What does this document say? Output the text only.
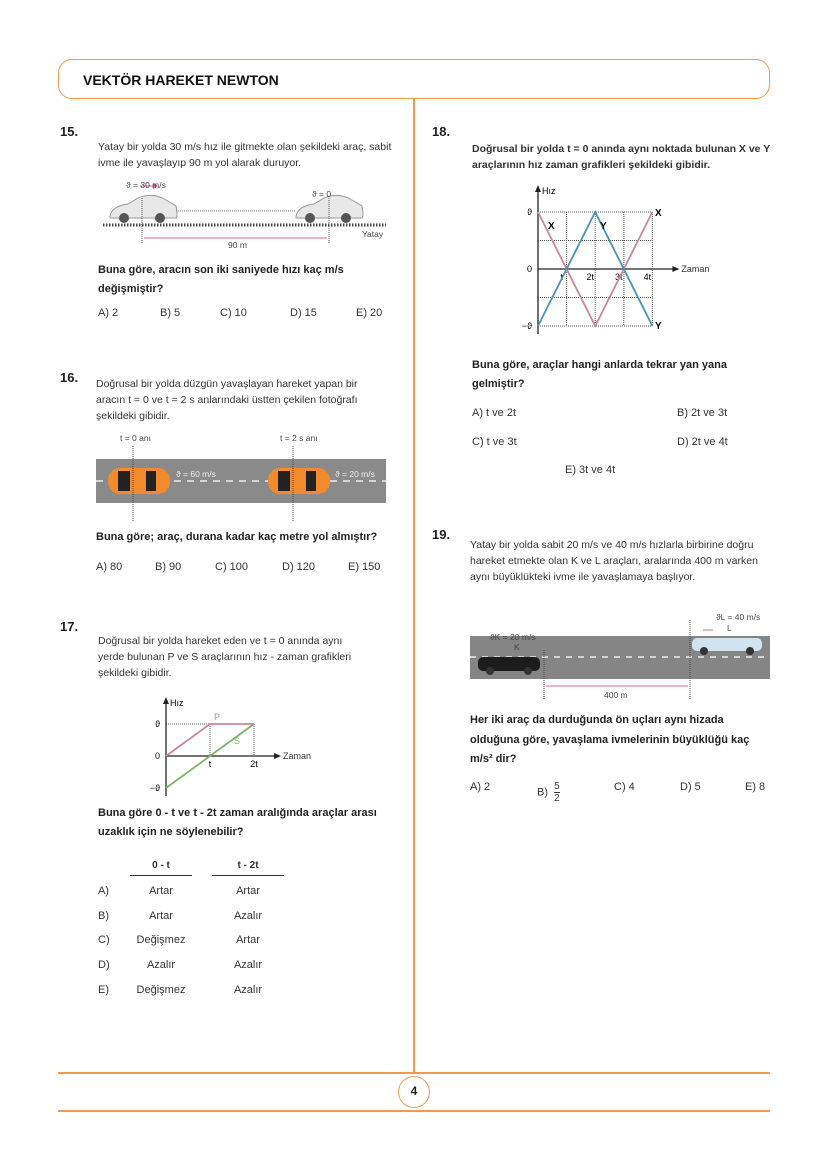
VEKTÖR HAREKET NEWTON
4
15.
Yatay bir yolda 30 m/s hız ile gitmekte olan şekildeki araç, sabit ivme ile yavaşlayıp 90 m yol alarak duruyor.
ϑ = 30 m/s
ϑ = 0
90 m
Yatay
Buna göre, aracın son iki saniyede hızı kaç m/s değişmiştir?
A) 2	B) 5	C) 10	D) 15	E) 20
16. Doğrusal bir yolda düzgün yavaşlayan hareket yapan bir aracın t = 0 ve t = 2 s anlarındaki üstten çekilen fotoğrafı şekildeki gibidir.
t = 0 anı	t = 2 s anı
ϑ = 60 m/s	ϑ = 20 m/s
Buna göre; araç, durana kadar kaç metre yol almıştır?
A) 80	B) 90	C) 100	D) 120	E) 150
17.
Doğrusal bir yolda hareket eden ve t = 0 anında aynı yerde bulunan P ve S araçlarının hız - zaman grafikleri şekildeki gibidir.
Hız
Zaman
ϑ
0
−ϑ
t	2t
P
S
Buna göre 0 - t ve t - 2t zaman aralığında araçlar arası uzaklık için ne söylenebilir?
0 - t	t - 2t
A)	Artar	Artar
B)	Artar	Azalır
C)	Değişmez	Artar
D)	Azalır	Azalır
E)	Değişmez	Azalır
18.
Doğrusal bir yolda t = 0 anında aynı noktada bulunan X ve Y araçlarının hız zaman grafikleri şekildeki gibidir.
Hız
Zaman
ϑ
0
−ϑ
t	2t 3t 4t
X	Y
X
Y
Buna göre, araçlar hangi anlarda tekrar yan yana gelmiştir?
A) t ve 2t	B) 2t ve 3t
C) t ve 3t	D) 2t ve 4t
E) 3t ve 4t
19.
Yatay bir yolda sabit 20 m/s ve 40 m/s hızlarla birbirine doğru hareket etmekte olan K ve L araçları, aralarında 400 m varken aynı büyüklükteki ivme ile yavaşlamaya başlıyor.
ϑK = 20 m/s
K
ϑL = 40 m/s
L
400 m
Her iki araç da durduğunda ön uçları aynı hizada olduğuna göre, yavaşlama ivmelerinin büyüklüğü kaç
m/s² dir?
A) 2	$B) \frac{5}{2}$	C) 4	D) 5	E) 8
